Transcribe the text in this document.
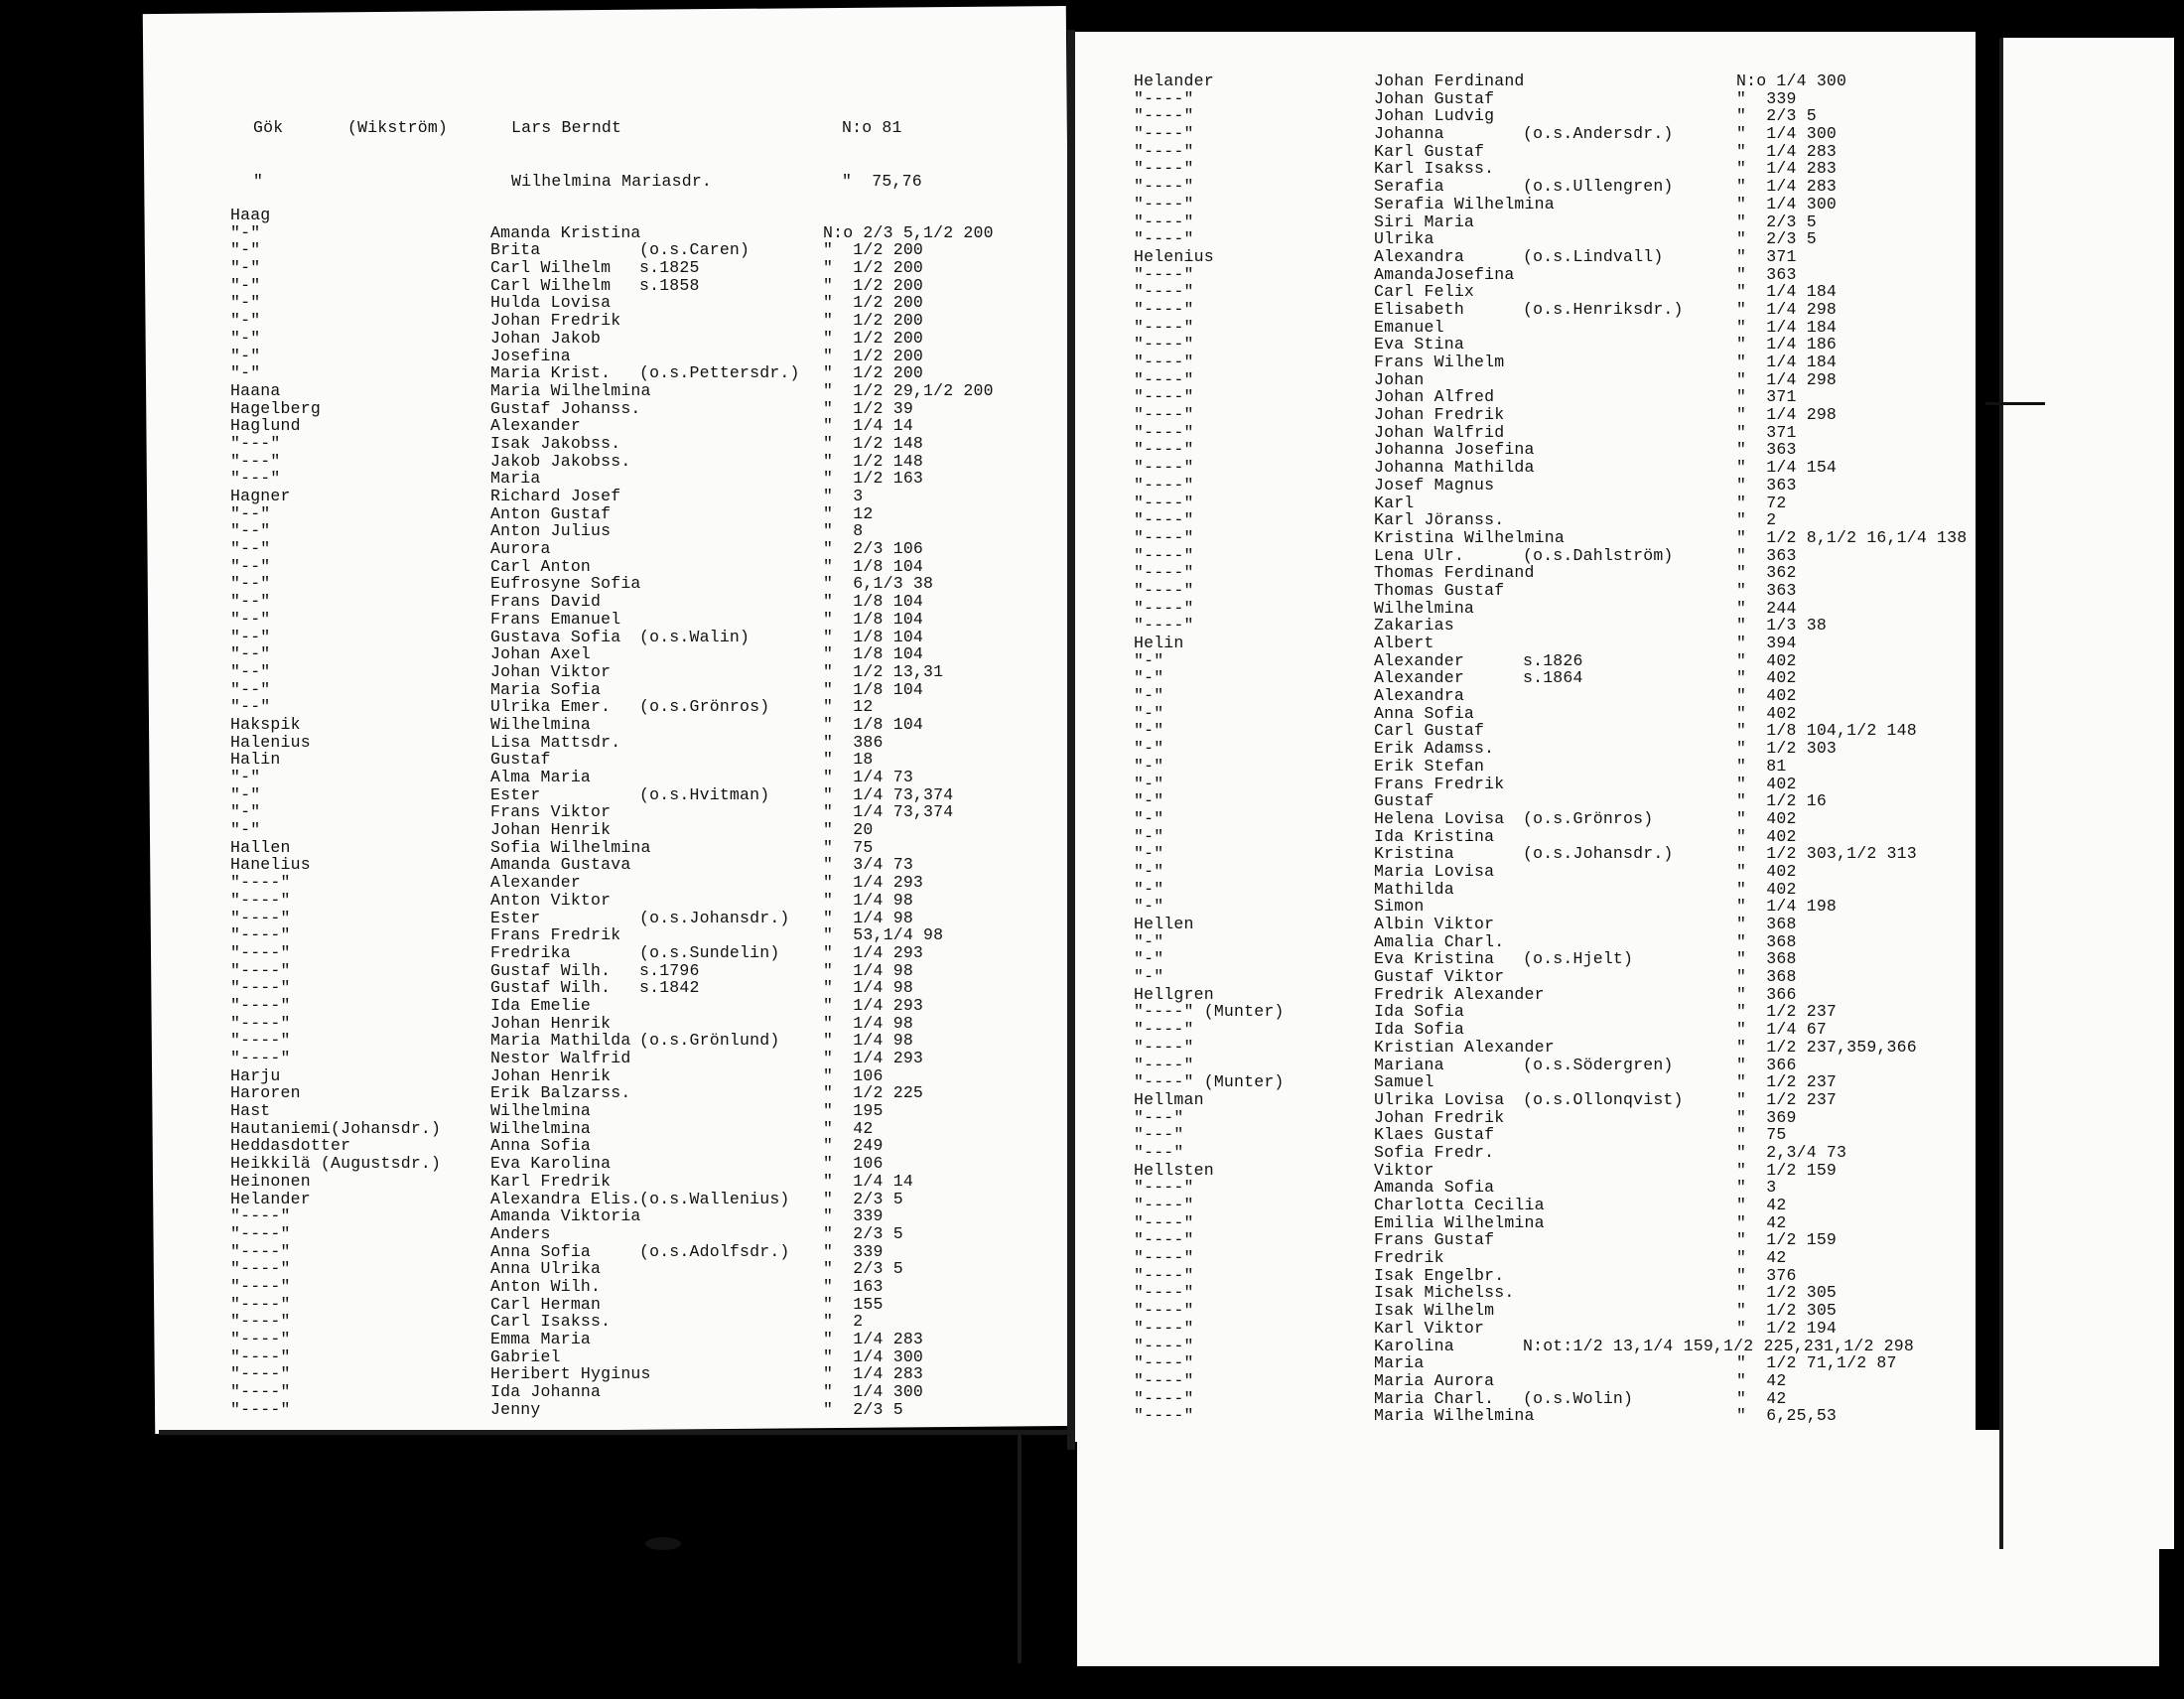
Gök	(Wikström)	Lars Berndt	N:o 81

"	Wilhelmina Mariasdr.	"  75,76

Haag
"-"	Amanda Kristina	N:o 2/3 5,1/2 200
"-"	Brita	(o.s.Caren)	"  1/2 200
"-"	Carl Wilhelm s.1825	"  1/2 200
"-"	Carl Wilhelm s.1858	"  1/2 200
"-"	Hulda Lovisa	"  1/2 200
"-"	Johan Fredrik	"  1/2 200
"-"	Johan Jakob	"  1/2 200
"-"	Josefina	"  1/2 200
"-"	Maria Krist. (o.s.Pettersdr.) "  1/2 200
Haana	Maria Wilhelmina	"  1/2 29,1/2 200
Hagelberg	Gustaf Johanss.	"  1/2 39
Haglund	Alexander	"  1/4 14
"---"	Isak Jakobss.	"  1/2 148
"---"	Jakob Jakobss.	"  1/2 148
"---"	Maria	"  1/2 163
Hagner	Richard Josef	"  3
"--"	Anton Gustaf	"  12
"--"	Anton Julius	"  8
"--"	Aurora	"  2/3 106
"--"	Carl Anton	"  1/8 104
"--"	Eufrosyne Sofia	"  6,1/3 38
"--"	Frans David	"  1/8 104
"--"	Frans Emanuel	"  1/8 104
"--"	Gustava Sofia (o.s.Walin)	"  1/8 104
"--"	Johan Axel	"  1/8 104
"--"	Johan Viktor	"  1/2 13,31
"--"	Maria Sofia	"  1/8 104
"--"	Ulrika Emer. (o.s.Grönros)	"  12
Hakspik	Wilhelmina	"  1/8 104
Halenius	Lisa Mattsdr.	"  386
Halin	Gustaf	"  18
"-"	Alma Maria	"  1/4 73
"-"	Ester	(o.s.Hvitman)	"  1/4 73,374
"-"	Frans Viktor	"  1/4 73,374
"-"	Johan Henrik	"  20
Hallen	Sofia Wilhelmina	"  75
Hanelius	Amanda Gustava	"  3/4 73
"----"	Alexander	"  1/4 293
"----"	Anton Viktor	"  1/4 98
"----"	Ester	(o.s.Johansdr.) "  1/4 98
"----"	Frans Fredrik	"  53,1/4 98
"----"	Fredrika	(o.s.Sundelin)	"  1/4 293
"----"	Gustaf Wilh. s.1796	"  1/4 98
"----"	Gustaf Wilh. s.1842	"  1/4 98
"----"	Ida Emelie	"  1/4 293
"----"	Johan Henrik	"  1/4 98
"----"	Maria Mathilda (o.s.Grönlund)	"  1/4 98
"----"	Nestor Walfrid	"  1/4 293
Harju	Johan Henrik	"  106
Haroren	Erik Balzarss.	"  1/2 225
Hast	Wilhelmina	"  195
Hautaniemi(Johansdr.)	Wilhelmina	"  42
Heddasdotter	Anna Sofia	"  249
Heikkilä (Augustsdr.)	Eva Karolina	"  106
Heinonen	Karl Fredrik	"  1/4 14
Helander	Alexandra Elis.(o.s.Wallenius) "  2/3 5
"----"	Amanda Viktoria	"  339
"----"	Anders	"  2/3 5
"----"	Anna Sofia	(o.s.Adolfsdr.) "  339
"----"	Anna Ulrika	"  2/3 5
"----"	Anton Wilh.	"  163
"----"	Carl Herman	"  155
"----"	Carl Isakss.	"  2
"----"	Emma Maria	"  1/4 283
"----"	Gabriel	"  1/4 300
"----"	Heribert Hyginus	"  1/4 283
"----"	Ida Johanna	"  1/4 300
"----"	Jenny	"  2/3 5
Helander	Johan Ferdinand	N:o 1/4 300
"----"	Johan Gustaf	"  339
"----"	Johan Ludvig	"  2/3 5
"----"	Johanna	(o.s.Andersdr.)	"  1/4 300
"----"	Karl Gustaf	"  1/4 283
"----"	Karl Isakss.	"  1/4 283
"----"	Serafia	(o.s.Ullengren)	"  1/4 283
"----"	Serafia Wilhelmina	"  1/4 300
"----"	Siri Maria	"  2/3 5
"----"	Ulrika	"  2/3 5
Helenius	Alexandra	(o.s.Lindvall)	"  371
"----"	AmandaJosefina	"  363
"----"	Carl Felix	"  1/4 184
"----"	Elisabeth	(o.s.Henriksdr.)	"  1/4 298
"----"	Emanuel	"  1/4 184
"----"	Eva Stina	"  1/4 186
"----"	Frans Wilhelm	"  1/4 184
"----"	Johan	"  1/4 298
"----"	Johan Alfred	"  371
"----"	Johan Fredrik	"  1/4 298
"----"	Johan Walfrid	"  371
"----"	Johanna Josefina	"  363
"----"	Johanna Mathilda	"  1/4 154
"----"	Josef Magnus	"  363
"----"	Karl	"  72
"----"	Karl Jöranss.	"  2
"----"	Kristina Wilhelmina	"  1/2 8,1/2 16,1/4 138
"----"	Lena Ulr.	(o.s.Dahlström)	"  363
"----"	Thomas Ferdinand	"  362
"----"	Thomas Gustaf	"  363
"----"	Wilhelmina	"  244
"----"	Zakarias	"  1/3 38
Helin	Albert	"  394
"-"	Alexander	s.1826	"  402
"-"	Alexander	s.1864	"  402
"-"	Alexandra	"  402
"-"	Anna Sofia	"  402
"-"	Carl Gustaf	"  1/8 104,1/2 148
"-"	Erik Adamss.	"  1/2 303
"-"	Erik Stefan	"  81
"-"	Frans Fredrik	"  402
"-"	Gustaf	"  1/2 16
"-"	Helena Lovisa (o.s.Grönros)	"  402
"-"	Ida Kristina	"  402
"-"	Kristina	(o.s.Johansdr.)	"  1/2 303,1/2 313
"-"	Maria Lovisa	"  402
"-"	Mathilda	"  402
"-"	Simon	"  1/4 198
Hellen	Albin Viktor	"  368
"-"	Amalia Charl.	"  368
"-"	Eva Kristina (o.s.Hjelt)	"  368
"-"	Gustaf Viktor	"  368
Hellgren	Fredrik Alexander	"  366
"----" (Munter)	Ida Sofia	"  1/2 237
"----"	Ida Sofia	"  1/4 67
"----"	Kristian Alexander	"  1/2 237,359,366
"----"	Mariana	(o.s.Södergren)	"  366
"----" (Munter)	Samuel	"  1/2 237
Hellman	Ulrika Lovisa (o.s.Ollonqvist)	"  1/2 237
"---"	Johan Fredrik	"  369
"---"	Klaes Gustaf	"  75
"---"	Sofia Fredr.	"  2,3/4 73
Hellsten	Viktor	"  1/2 159
"----"	Amanda Sofia	"  3
"----"	Charlotta Cecilia	"  42
"----"	Emilia Wilhelmina	"  42
"----"	Frans Gustaf	"  1/2 159
"----"	Fredrik	"  42
"----"	Isak Engelbr.	"  376
"----"	Isak Michelss.	"  1/2 305
"----"	Isak Wilhelm	"  1/2 305
"----"	Karl Viktor	"  1/2 194
"----"	Karolina	N:ot:1/2 13,1/4 159,1/2 225,231,1/2 298
"----"	Maria	"  1/2 71,1/2 87
"----"	Maria Aurora	"  42
"----"	Maria Charl. (o.s.Wolin)	"  42
"----"	Maria Wilhelmina	"  6,25,53
